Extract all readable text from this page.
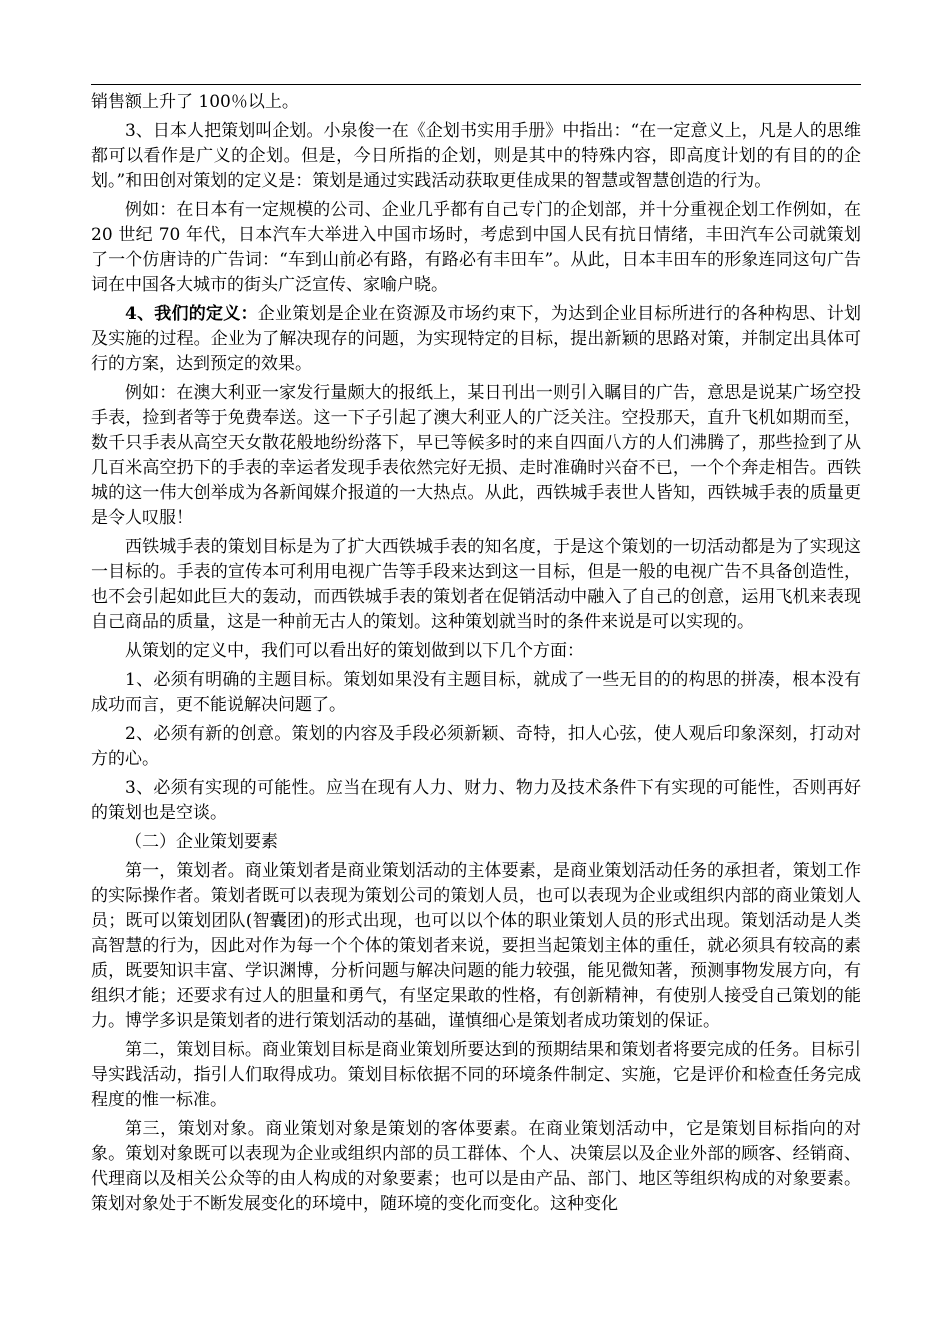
销售额上升了 100％以上。

3、日本人把策划叫企划。小泉俊一在《企划书实用手册》中指出：“在一定意义上，凡是人的思维都可以看作是广义的企划。但是，今日所指的企划，则是其中的特殊内容，即高度计划的有目的的企划。”和田创对策划的定义是：策划是通过实践活动获取更佳成果的智慧或智慧创造的行为。

例如：在日本有一定规模的公司、企业几乎都有自己专门的企划部，并十分重视企划工作例如，在 20 世纪 70 年代，日本汽车大举进入中国市场时，考虑到中国人民有抗日情绪，丰田汽车公司就策划了一个仿唐诗的广告词：“车到山前必有路，有路必有丰田车”。从此，日本丰田车的形象连同这句广告词在中国各大城市的街头广泛宣传、家喻户晓。

4、我们的定义：企业策划是企业在资源及市场约束下，为达到企业目标所进行的各种构思、计划及实施的过程。企业为了解决现存的问题，为实现特定的目标，提出新颖的思路对策，并制定出具体可行的方案，达到预定的效果。

例如：在澳大利亚一家发行量颇大的报纸上，某日刊出一则引入瞩目的广告，意思是说某广场空投手表，捡到者等于免费奉送。这一下子引起了澳大利亚人的广泛关注。空投那天，直升飞机如期而至，数千只手表从高空天女散花般地纷纷落下，早已等候多时的来自四面八方的人们沸腾了，那些捡到了从几百米高空扔下的手表的幸运者发现手表依然完好无损、走时准确时兴奋不已，一个个奔走相告。西铁城的这一伟大创举成为各新闻媒介报道的一大热点。从此，西铁城手表世人皆知，西铁城手表的质量更是令人叹服！

西铁城手表的策划目标是为了扩大西铁城手表的知名度，于是这个策划的一切活动都是为了实现这一目标的。手表的宣传本可利用电视广告等手段来达到这一目标，但是一般的电视广告不具备创造性，也不会引起如此巨大的轰动，而西铁城手表的策划者在促销活动中融入了自己的创意，运用飞机来表现自己商品的质量，这是一种前无古人的策划。这种策划就当时的条件来说是可以实现的。

从策划的定义中，我们可以看出好的策划做到以下几个方面：

1、必须有明确的主题目标。策划如果没有主题目标，就成了一些无目的的构思的拼凑，根本没有成功而言，更不能说解决问题了。

2、必须有新的创意。策划的内容及手段必须新颖、奇特，扣人心弦，使人观后印象深刻，打动对方的心。

3、必须有实现的可能性。应当在现有人力、财力、物力及技术条件下有实现的可能性，否则再好的策划也是空谈。

（二）企业策划要素

第一，策划者。商业策划者是商业策划活动的主体要素，是商业策划活动任务的承担者，策划工作的实际操作者。策划者既可以表现为策划公司的策划人员，也可以表现为企业或组织内部的商业策划人员；既可以策划团队(智囊团)的形式出现，也可以以个体的职业策划人员的形式出现。策划活动是人类高智慧的行为，因此对作为每一个个体的策划者来说，要担当起策划主体的重任，就必须具有较高的素质，既要知识丰富、学识渊博，分析问题与解决问题的能力较强，能见微知著，预测事物发展方向，有组织才能；还要求有过人的胆量和勇气，有坚定果敢的性格，有创新精神，有使别人接受自己策划的能力。博学多识是策划者的进行策划活动的基础，谨慎细心是策划者成功策划的保证。

第二，策划目标。商业策划目标是商业策划所要达到的预期结果和策划者将要完成的任务。目标引导实践活动，指引人们取得成功。策划目标依据不同的环境条件制定、实施，它是评价和检查任务完成程度的惟一标准。

第三，策划对象。商业策划对象是策划的客体要素。在商业策划活动中，它是策划目标指向的对象。策划对象既可以表现为企业或组织内部的员工群体、个人、决策层以及企业外部的顾客、经销商、代理商以及相关公众等的由人构成的对象要素；也可以是由产品、部门、地区等组织构成的对象要素。策划对象处于不断发展变化的环境中，随环境的变化而变化。这种变化
